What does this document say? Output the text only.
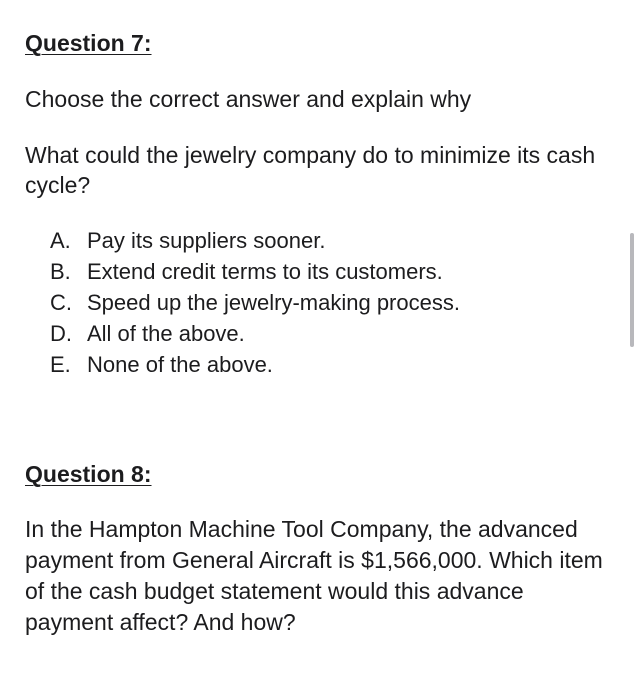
Question 7:

Choose the correct answer and explain why

What could the jewelry company do to minimize its cash cycle?

A. Pay its suppliers sooner.
B. Extend credit terms to its customers.
C. Speed up the jewelry-making process.
D. All of the above.
E. None of the above.
Question 8:

In the Hampton Machine Tool Company, the advanced payment from General Aircraft is $1,566,000. Which item of the cash budget statement would this advance payment affect? And how?
